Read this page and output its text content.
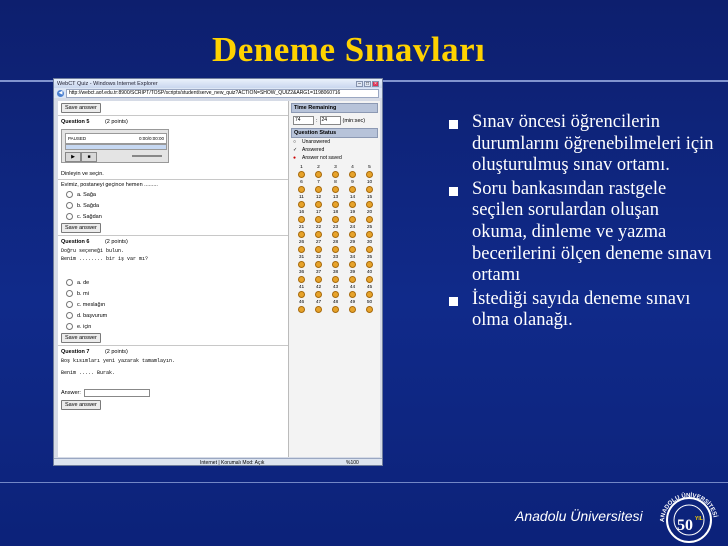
Deneme Sınavları
WebCT Quiz - Windows Internet Explorer	–	□	×
◀	http://webct.aof.edu.tr:8900/SCRIPT/TOSP/scripts/student/serve_new_quiz?ACTION=SHOW_QUIZ2&ARG1=1198060716
Save answer
Question 5	(2 points)
PAUSED	0:00/0:00:00
▶	■
Dinleyin ve seçin.
Evimiz, postaneyi geçince hemen .........
a. Sağa
b. Sağda
c. Sağdan
Save answer
Question 6	(2 points)
Doğru seçeneği bulun.
Benim ........ bir iş var mı?
a. de
b. mi
c. meslağın
d. başvurum
e. için
Save answer
Question 7	(2 points)
Boş kısımları yeni yazarak tamamlayın.
Benim ..... Burak.
Answer:
Save answer
Time Remaining
74	: 24	(min:sec)
Question Status
○	Unanswered
✓ Answered
●	Answer not saved
1	2	3	4	5
6	7	8	9	10
11 12 13 14 15
16 17 18 19 20
21 22 23 24 25
26 27 28 29 30
31 32 33 34 35
36 37 38 39 40
41 42 43 44 45
46 47 48 49 50
Internet | Korumalı Mod: Açık	%100
Sınav öncesi öğrencilerin durumlarını öğrenebilmeleri için oluşturulmuş sınav ortamı.
Soru bankasından rastgele seçilen sorulardan oluşan okuma, dinleme ve yazma becerilerini ölçen deneme sınavı ortamı
İstediği sayıda deneme sınavı olma olanağı.
Anadolu Üniversitesi	ANADOLU ÜNİVERSİTESİ
50 YIL
